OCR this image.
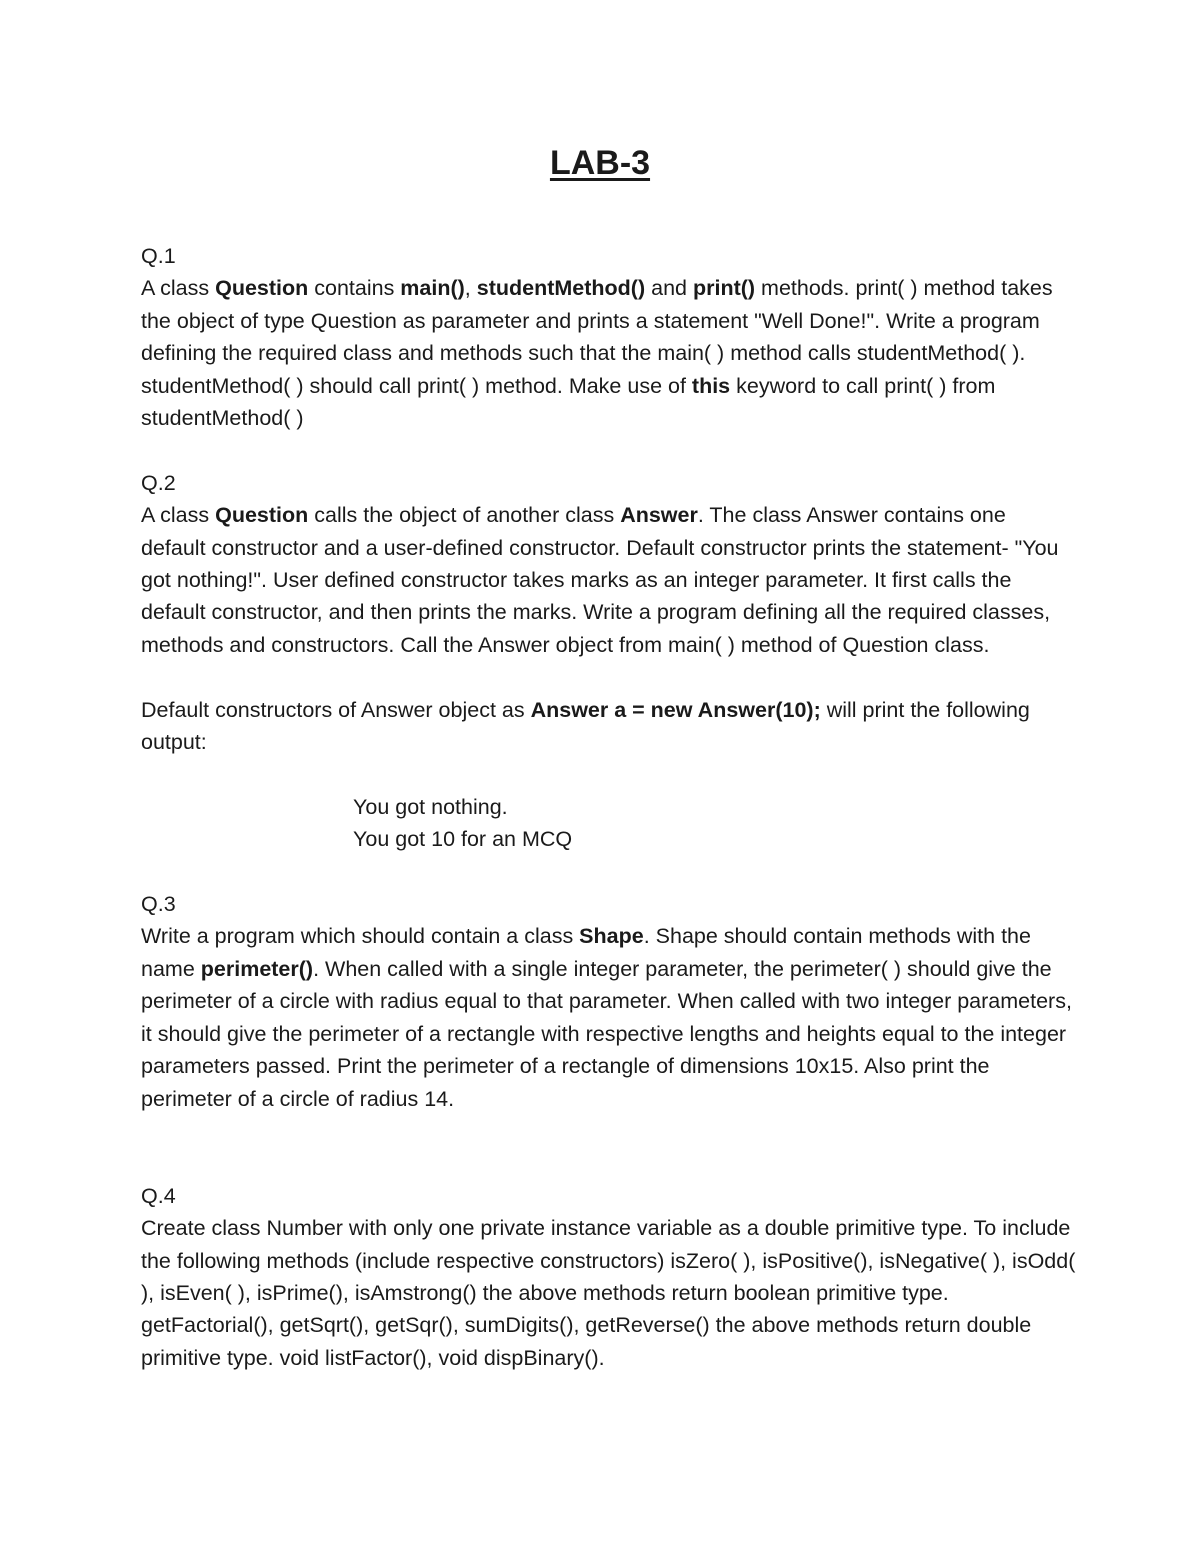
LAB-3
Q.1

A class Question contains main(), studentMethod() and print() methods. print( ) method takes the object of type Question as parameter and prints a statement "Well Done!". Write a program defining the required class and methods such that the main( ) method calls studentMethod( ). studentMethod( ) should call print( ) method. Make use of this keyword to call print( ) from studentMethod( )

Q.2

A class Question calls the object of another class Answer. The class Answer contains one default constructor and a user-defined constructor. Default constructor prints the statement- "You got nothing!". User defined constructor takes marks as an integer parameter. It first calls the default constructor, and then prints the marks. Write a program defining all the required classes, methods and constructors. Call the Answer object from main( ) method of Question class.

Default constructors of Answer object as Answer a = new Answer(10); will print the following output:

You got nothing.

You got 10 for an MCQ

Q.3

Write a program which should contain a class Shape. Shape should contain methods with the name perimeter(). When called with a single integer parameter, the perimeter( ) should give the perimeter of a circle with radius equal to that parameter. When called with two integer parameters, it should give the perimeter of a rectangle with respective lengths and heights equal to the integer parameters passed. Print the perimeter of a rectangle of dimensions 10x15. Also print the perimeter of a circle of radius 14.

Q.4

Create class Number with only one private instance variable as a double primitive type. To include the following methods (include respective constructors) isZero( ), isPositive(), isNegative( ), isOdd( ), isEven( ), isPrime(), isAmstrong() the above methods return boolean primitive type. getFactorial(), getSqrt(), getSqr(), sumDigits(), getReverse() the above methods return double primitive type. void listFactor(), void dispBinary().
